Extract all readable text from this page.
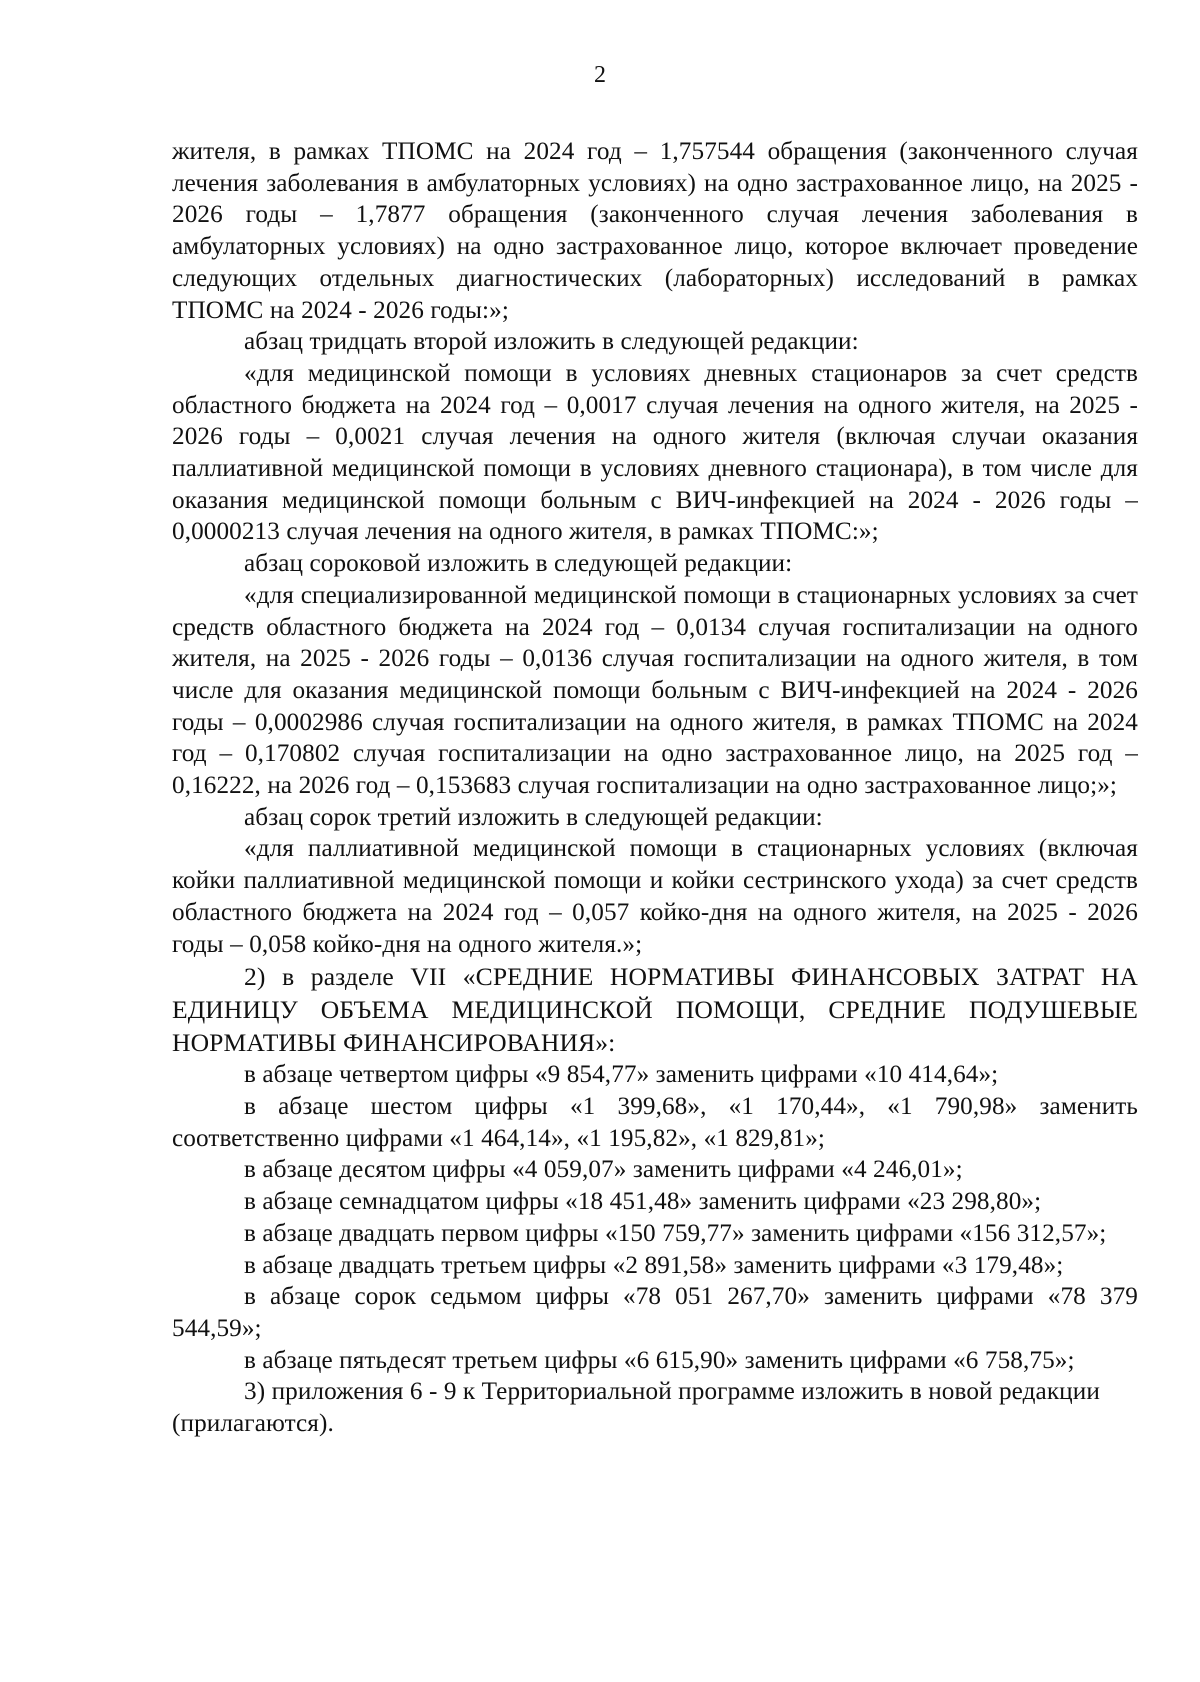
2

жителя, в рамках ТПОМС на 2024 год – 1,757544 обращения (законченного случая лечения заболевания в амбулаторных условиях) на одно застрахованное лицо, на 2025 - 2026 годы – 1,7877 обращения (законченного случая лечения заболевания в амбулаторных условиях) на одно застрахованное лицо, которое включает проведение следующих отдельных диагностических (лабораторных) исследований в рамках ТПОМС на 2024 - 2026 годы:»;

абзац тридцать второй изложить в следующей редакции:

«для медицинской помощи в условиях дневных стационаров за счет средств областного бюджета на 2024 год – 0,0017 случая лечения на одного жителя, на 2025 - 2026 годы – 0,0021 случая лечения на одного жителя (включая случаи оказания паллиативной медицинской помощи в условиях дневного стационара), в том числе для оказания медицинской помощи больным с ВИЧ-инфекцией на 2024 - 2026 годы – 0,0000213 случая лечения на одного жителя, в рамках ТПОМС:»;

абзац сороковой изложить в следующей редакции:

«для специализированной медицинской помощи в стационарных условиях за счет средств областного бюджета на 2024 год – 0,0134 случая госпитализации на одного жителя, на 2025 - 2026 годы – 0,0136 случая госпитализации на одного жителя, в том числе для оказания медицинской помощи больным с ВИЧ-инфекцией на 2024 - 2026 годы – 0,0002986 случая госпитализации на одного жителя, в рамках ТПОМС на 2024 год – 0,170802 случая госпитализации на одно застрахованное лицо, на 2025 год – 0,16222, на 2026 год – 0,153683 случая госпитализации на одно застрахованное лицо;»;

абзац сорок третий изложить в следующей редакции:

«для паллиативной медицинской помощи в стационарных условиях (включая койки паллиативной медицинской помощи и койки сестринского ухода) за счет средств областного бюджета на 2024 год – 0,057 койко-дня на одного жителя, на 2025 - 2026 годы – 0,058 койко-дня на одного жителя.»;

2) в разделе VII «СРЕДНИЕ НОРМАТИВЫ ФИНАНСОВЫХ ЗАТРАТ НА ЕДИНИЦУ ОБЪЕМА МЕДИЦИНСКОЙ ПОМОЩИ, СРЕДНИЕ ПОДУШЕВЫЕ НОРМАТИВЫ ФИНАНСИРОВАНИЯ»:

в абзаце четвертом цифры «9 854,77» заменить цифрами «10 414,64»;

в абзаце шестом цифры «1 399,68», «1 170,44», «1 790,98» заменить соответственно цифрами «1 464,14», «1 195,82», «1 829,81»;

в абзаце десятом цифры «4 059,07» заменить цифрами «4 246,01»;

в абзаце семнадцатом цифры «18 451,48» заменить цифрами «23 298,80»;

в абзаце двадцать первом цифры «150 759,77» заменить цифрами «156 312,57»;

в абзаце двадцать третьем цифры «2 891,58» заменить цифрами «3 179,48»;

в абзаце сорок седьмом цифры «78 051 267,70» заменить цифрами «78 379 544,59»;

в абзаце пятьдесят третьем цифры «6 615,90» заменить цифрами «6 758,75»;

3) приложения 6 - 9 к Территориальной программе изложить в новой редакции (прилагаются).
